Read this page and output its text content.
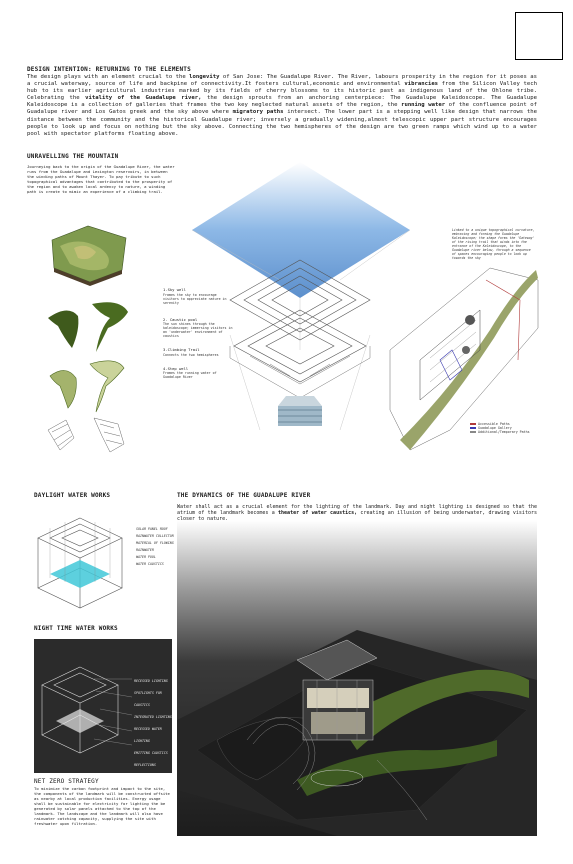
DESIGN INTENTION: RETURNING TO THE ELEMENTS
The design plays with an element crucial to the longevity of San Jose: The Guadalupe River. The River, labours prosperity in the region for it poses as a crucial waterway, source of life and backpine of connectivity.It fosters cultural,economic and environmental vibrancies from the Silicon Valley tech hub to its earlier agricultural industries marked by its fields of cherry blossoms to its historic past as indigenous land of the Ohlone tribe. Celebrating the vitality of the Guadalupe river, the design sprouts from an anchoring centerpiece: The Guadalupe Kaleidoscope. The Guadalupe Kaleidoscope is a collection of galleries that frames the two key neglected natural assets of the region, the running water of the confluence point of Guadalupe river and Los Gatos greek and the sky above where migratory paths intersect. The lower part is a stepping well like design that narrows the distance between the community and the historical Guadalupe river; inversely a gradually widening,almost telescopic upper part structure encourages people to look up and focus on nothing but the sky above. Connecting the two hemispheres of the design are two green ramps which wind up to a water pool with spectator platforms floating above.
UNRAVELLING THE MOUNTAIN
Journeying back to the origin of the Guadalupe River, the water runs from the Guadalupe and Lexington reservoirs, in between the winding paths of Mount Thayer. To pay tribute to such topographical advantages that contributed to the prosperity of the region and to awaken local ardency to nature, a winding path is create to mimic an experience of a climbing trail.
1.Sky well
Frames the sky to encourage visitors to appreciate nature in serenity
2. Caustic pool
The sun shines through the kaleidoscope; immersing visitors in an 'underwater' environment of caustics
3.Climbing Trail
Connects the two hemispheres
4.Step well
Frames the running water of Guadalupe River
Linked to a unique topographical curvature, embracing and forming the Guadalupe Kaleidoscope; the shape forms the 'Gateway' of the rising trail that winds into the entrance of the Kaleidoscope, to the Guadalupe river below, through a sequence of spaces encouraging people to look up towards the sky
Accessible Paths
Guadalupe Gallery
Additional/Temporary Paths
DAYLIGHT WATER WORKS
SOLAR PANEL ROOF
RAINWATER COLLECTOR
MATERIAL OF FLOWING RAINWATER
WATER POOL
WATER CAUSTICS
NIGHT TIME WATER WORKS
RECESSED LIGHTING
SPOTLIGHTS FOR CAUSTICS
INTEGRATED LIGHTING
RECESSED WATER LIGHTING
EMITTING CAUSTICS REFLECTIONS
NET ZERO STRATEGY
To minimize the carbon footprint and impact to the site, the components of the landmark will be constructed offsite as nearby at local production facilities. Energy usage shall be sustainable for electricity for lighting the be generated by solar panels attached to the top of the landmark. The landscape and the landmark will also have rainwater catching capacity, supplying the site with freshwater upon filtration.
THE DYNAMICS OF THE GUADALUPE RIVER
Water shall act as a crucial element for the lighting of the landmark. Day and night lighting is designed so that the atrium of the landmark becomes a theater of water caustics, creating an illusion of being underwater, drawing visitors
